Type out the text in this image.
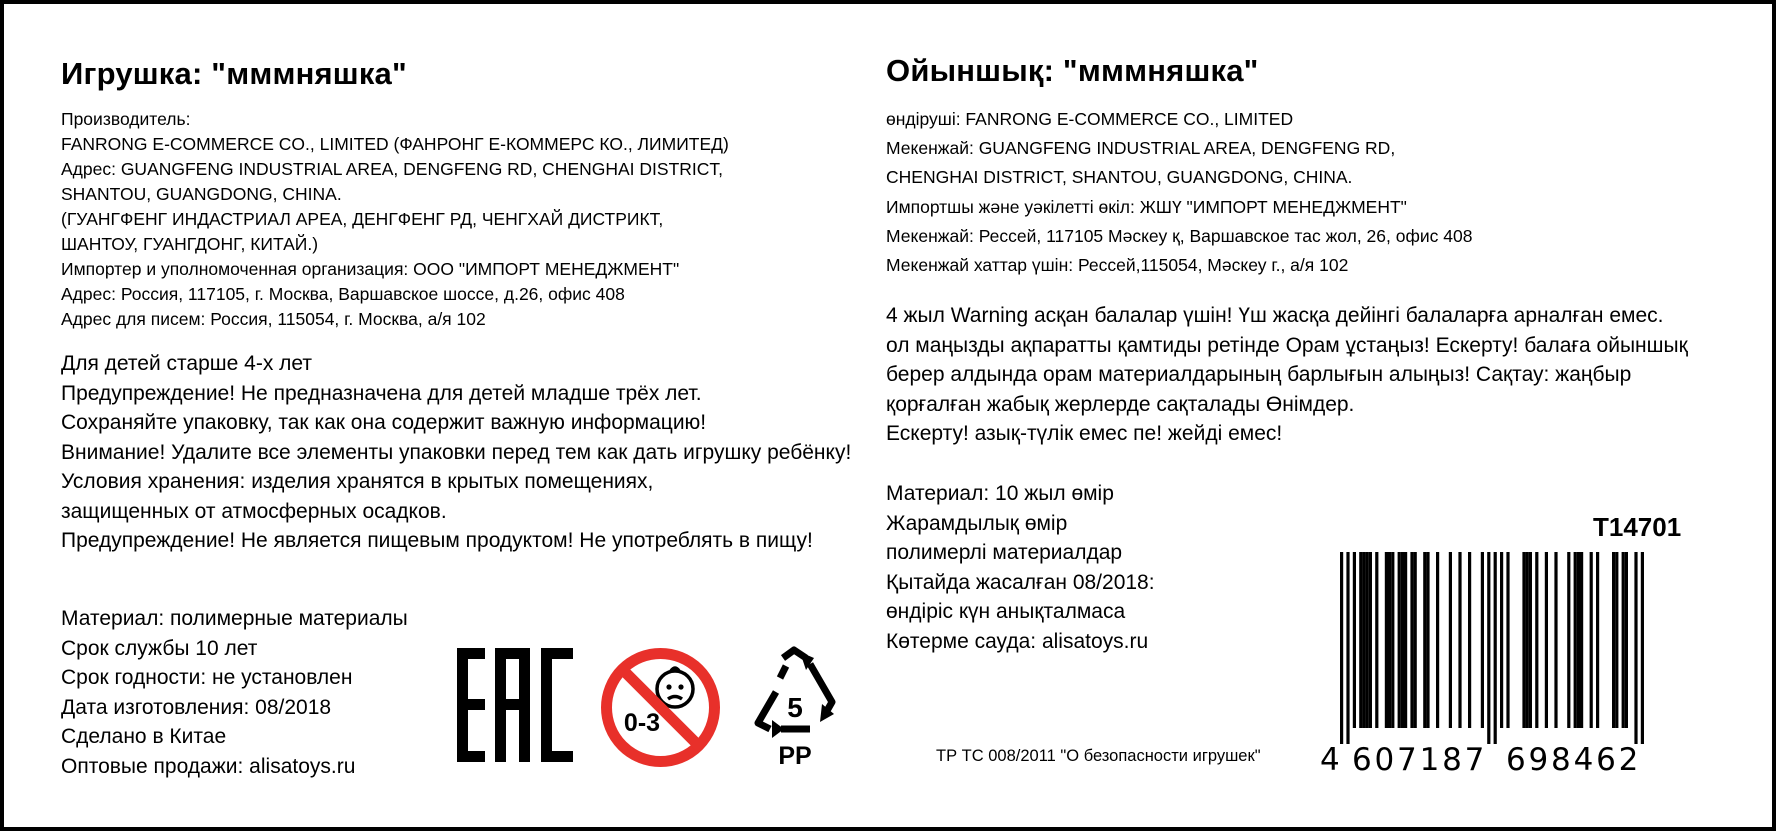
Игрушка: "мммняшка"
Производитель:
FANRONG E-COMMERCE CO., LIMITED (ФАНРОНГ Е-КОММЕРС КО., ЛИМИТЕД)
Адрес: GUANGFENG INDUSTRIAL AREA, DENGFENG RD, CHENGHAI DISTRICT,
SHANTOU, GUANGDONG, CHINA.
(ГУАНГФЕНГ ИНДАСТРИАЛ АРЕА, ДЕНГФЕНГ РД, ЧЕНГХАЙ ДИСТРИКТ,
ШАНТОУ, ГУАНГДОНГ, КИТАЙ.)
Импортер и уполномоченная организация: ООО "ИМПОРТ МЕНЕДЖМЕНТ"
Адрес: Россия, 117105, г. Москва, Варшавское шоссе, д.26, офис 408
Адрес для писем: Россия, 115054, г. Москва, а/я 102
Для детей старше 4-х лет
Предупреждение! Не предназначена для детей младше трёх лет.
Сохраняйте упаковку, так как она содержит важную информацию!
Внимание! Удалите все элементы упаковки перед тем как дать игрушку ребёнку!
Условия хранения: изделия хранятся в крытых помещениях,
защищенных от атмосферных осадков.
Предупреждение! Не является пищевым продуктом! Не употреблять в пищу!
Материал: полимерные материалы
Срок службы 10 лет
Срок годности: не установлен
Дата изготовления: 08/2018
Сделано в Китае
Оптовые продажи: alisatoys.ru
0-3	5
PP
Ойыншық: "мммняшка"
өндіруші: FANRONG E-COMMERCE CO., LIMITED
Мекенжай: GUANGFENG INDUSTRIAL AREA, DENGFENG RD,
CHENGHAI DISTRICT, SHANTOU, GUANGDONG, CHINA.
Импортшы және уәкілетті өкіл: ЖШҮ "ИМПОРТ МЕНЕДЖМЕНТ"
Мекенжай: Рессей, 117105 Мәскеу қ, Варшавское тас жол, 26, офис 408
Мекенжай хаттар үшін: Рессей,115054, Мәскеу г., а/я 102
4 жыл Warning асқан балалар үшін! Үш жасқа дейінгі балаларға арналған емес.
ол маңызды ақпаратты қамтиды ретінде Орам ұстаңыз! Ескерту! балаға ойыншық
берер алдында орам материалдарының барлығын алыңыз! Сақтау: жаңбыр
қорғалған жабық жерлерде сақталады Өнімдер.
Ескерту! азық-түлік емес пе! жейді емес!
Материал: 10 жыл өмір
Жарамдылық өмір
полимерлі материалдар
Қытайда жасалған 08/2018:
өндіріс күн анықталмаса
Көтерме сауда: alisatoys.ru
ТР ТС 008/2011 "О безопасности игрушек"
T14701
4 607187 698462
